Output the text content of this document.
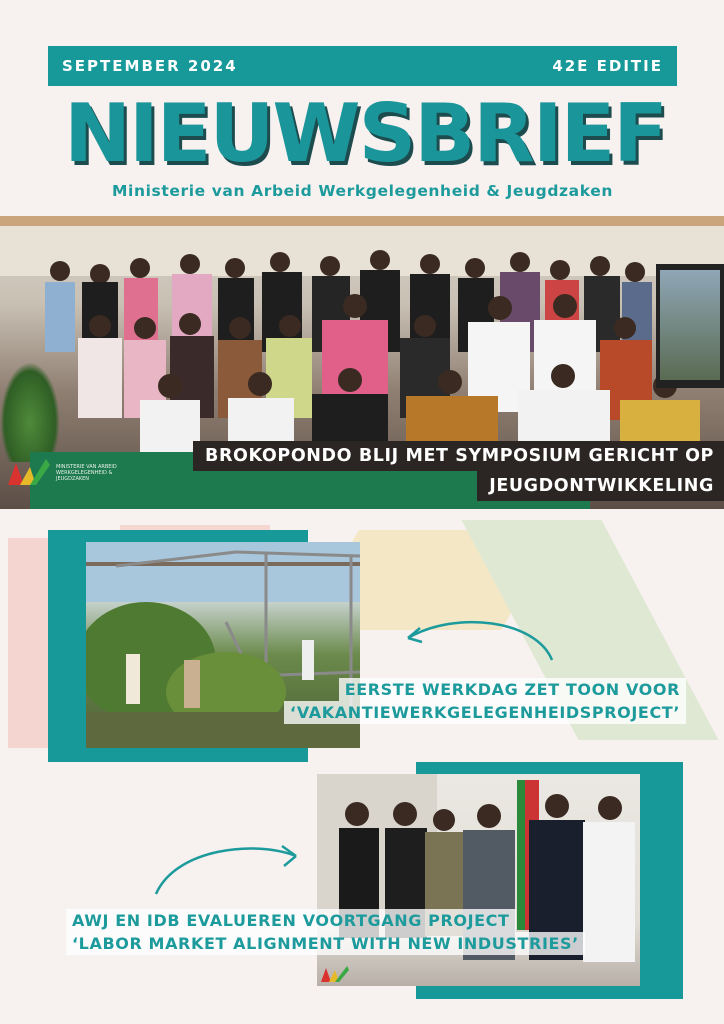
SEPTEMBER 2024	42E EDITIE
NIEUWSBRIEF
Ministerie van Arbeid Werkgelegenheid & Jeugdzaken
MINISTERIE VAN ARBEID WERKGELEGENHEID & JEUGDZAKEN
BROKOPONDO BLIJ MET SYMPOSIUM GERICHT OP
JEUGDONTWIKKELING
EERSTE WERKDAG ZET TOON VOOR
‘VAKANTIEWERKGELEGENHEIDSPROJECT’
AWJ EN IDB EVALUEREN VOORTGANG PROJECT
‘LABOR MARKET ALIGNMENT WITH NEW INDUSTRIES’
